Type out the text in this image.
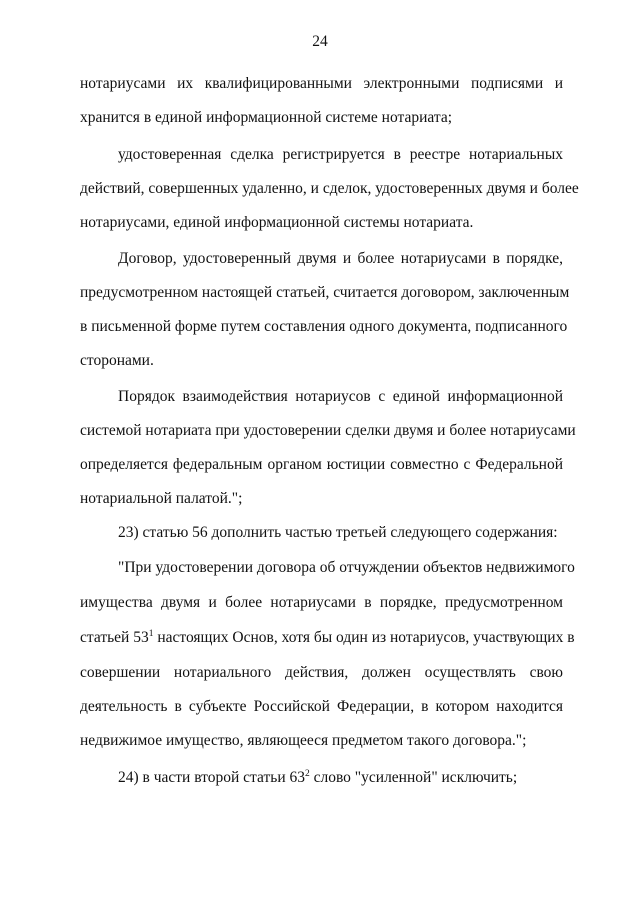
24
нотариусами их квалифицированными электронными подписями и
хранится в единой информационной системе нотариата;
удостоверенная сделка регистрируется в реестре нотариальных
действий, совершенных удаленно, и сделок, удостоверенных двумя и более
нотариусами, единой информационной системы нотариата.
Договор, удостоверенный двумя и более нотариусами в порядке,
предусмотренном настоящей статьей, считается договором, заключенным
в письменной форме путем составления одного документа, подписанного
сторонами.
Порядок взаимодействия нотариусов с единой информационной
системой нотариата при удостоверении сделки двумя и более нотариусами
определяется федеральным органом юстиции совместно с Федеральной
нотариальной палатой.";
23) статью 56 дополнить частью третьей следующего содержания:
"При удостоверении договора об отчуждении объектов недвижимого
имущества двумя и более нотариусами в порядке, предусмотренном
статьей $53^1$ настоящих Основ, хотя бы один из нотариусов, участвующих в
совершении нотариального действия, должен осуществлять свою
деятельность в субъекте Российской Федерации, в котором находится
недвижимое имущество, являющееся предметом такого договора.";
24) в части второй статьи $63^2$ слово "усиленной" исключить;
